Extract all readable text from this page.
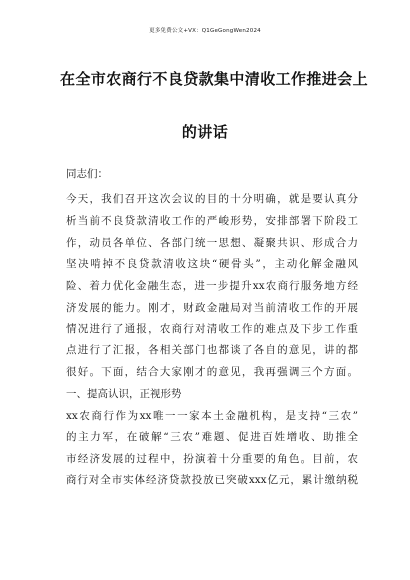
更多免费公文+VX：Q1GeGongWen2024
在全市农商行不良贷款集中清收工作推进会上
的讲话
同志们：
今天，我们召开这次会议的目的十分明确，就是要认真分
析当前不良贷款清收工作的严峻形势，安排部署下阶段工
作，动员各单位、各部门统一思想、凝聚共识、形成合力
坚决啃掉不良贷款清收这块“硬骨头”，主动化解金融风
险、着力优化金融生态，进一步提升xx农商行服务地方经
济发展的能力。刚才，财政金融局对当前清收工作的开展
情况进行了通报，农商行对清收工作的难点及下步工作重
点进行了汇报，各相关部门也都谈了各自的意见，讲的都
很好。下面，结合大家刚才的意见，我再强调三个方面。
一、提高认识，正视形势
xx农商行作为xx唯一一家本土金融机构，是支持“三农”
的主力军，在破解“三农”难题、促进百姓增收、助推全
市经济发展的过程中，扮演着十分重要的角色。目前，农
商行对全市实体经济贷款投放已突破xxx亿元，累计缴纳税
